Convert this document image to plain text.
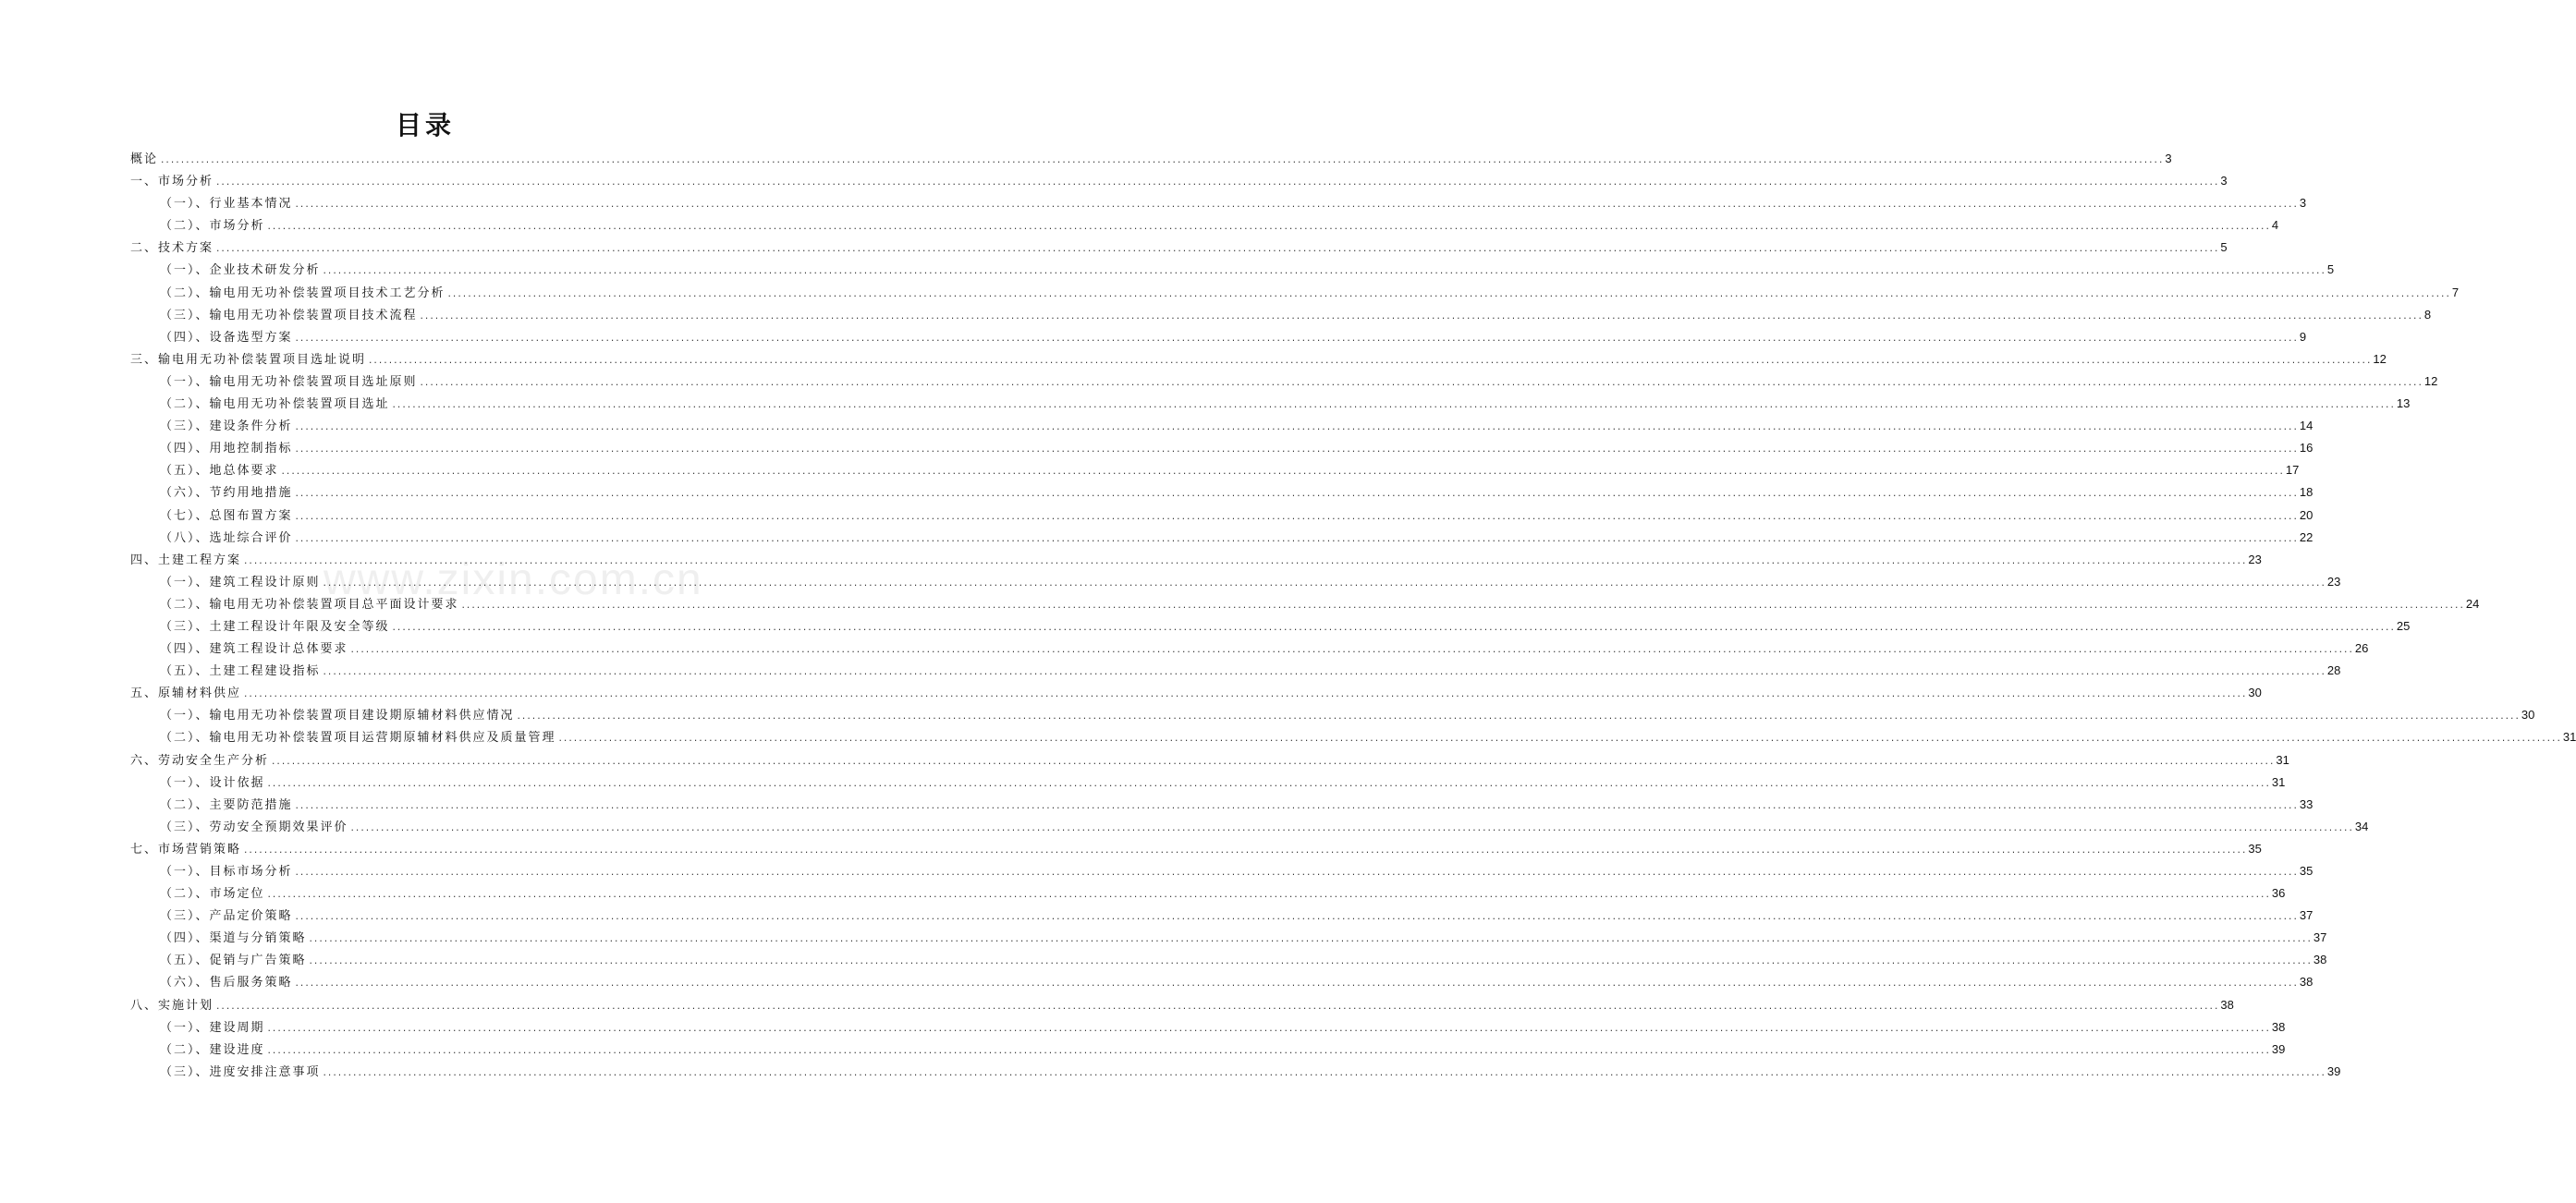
目录
www.zixin.com.cn
概论 ................................................................................................................................................................................................................................................................................................................................................................................................................ 3
一、市场分析 ................................................................................................................................................................................................................................................................................................................................................................................................................ 3
（一）、行业基本情况 ................................................................................................................................................................................................................................................................................................................................................................................................................ 3
（二）、市场分析 ................................................................................................................................................................................................................................................................................................................................................................................................................ 4
二、技术方案 ................................................................................................................................................................................................................................................................................................................................................................................................................ 5
（一）、企业技术研发分析 ................................................................................................................................................................................................................................................................................................................................................................................................................ 5
（二）、输电用无功补偿装置项目技术工艺分析 ................................................................................................................................................................................................................................................................................................................................................................................................................ 7
（三）、输电用无功补偿装置项目技术流程 ................................................................................................................................................................................................................................................................................................................................................................................................................ 8
（四）、设备选型方案 ................................................................................................................................................................................................................................................................................................................................................................................................................ 9
三、输电用无功补偿装置项目选址说明 ................................................................................................................................................................................................................................................................................................................................................................................................................ 12
（一）、输电用无功补偿装置项目选址原则 ................................................................................................................................................................................................................................................................................................................................................................................................................ 12
（二）、输电用无功补偿装置项目选址 ................................................................................................................................................................................................................................................................................................................................................................................................................ 13
（三）、建设条件分析 ................................................................................................................................................................................................................................................................................................................................................................................................................ 14
（四）、用地控制指标 ................................................................................................................................................................................................................................................................................................................................................................................................................ 16
（五）、地总体要求 ................................................................................................................................................................................................................................................................................................................................................................................................................ 17
（六）、节约用地措施 ................................................................................................................................................................................................................................................................................................................................................................................................................ 18
（七）、总图布置方案 ................................................................................................................................................................................................................................................................................................................................................................................................................ 20
（八）、选址综合评价 ................................................................................................................................................................................................................................................................................................................................................................................................................ 22
四、土建工程方案 ................................................................................................................................................................................................................................................................................................................................................................................................................ 23
（一）、建筑工程设计原则 ................................................................................................................................................................................................................................................................................................................................................................................................................ 23
（二）、输电用无功补偿装置项目总平面设计要求 ................................................................................................................................................................................................................................................................................................................................................................................................................ 24
（三）、土建工程设计年限及安全等级 ................................................................................................................................................................................................................................................................................................................................................................................................................ 25
（四）、建筑工程设计总体要求 ................................................................................................................................................................................................................................................................................................................................................................................................................ 26
（五）、土建工程建设指标 ................................................................................................................................................................................................................................................................................................................................................................................................................ 28
五、原辅材料供应 ................................................................................................................................................................................................................................................................................................................................................................................................................ 30
（一）、输电用无功补偿装置项目建设期原辅材料供应情况 ................................................................................................................................................................................................................................................................................................................................................................................................................ 30
（二）、输电用无功补偿装置项目运营期原辅材料供应及质量管理 ................................................................................................................................................................................................................................................................................................................................................................................................................ 31
六、劳动安全生产分析 ................................................................................................................................................................................................................................................................................................................................................................................................................ 31
（一）、设计依据 ................................................................................................................................................................................................................................................................................................................................................................................................................ 31
（二）、主要防范措施 ................................................................................................................................................................................................................................................................................................................................................................................................................ 33
（三）、劳动安全预期效果评价 ................................................................................................................................................................................................................................................................................................................................................................................................................ 34
七、市场营销策略 ................................................................................................................................................................................................................................................................................................................................................................................................................ 35
（一）、目标市场分析 ................................................................................................................................................................................................................................................................................................................................................................................................................ 35
（二）、市场定位 ................................................................................................................................................................................................................................................................................................................................................................................................................ 36
（三）、产品定价策略 ................................................................................................................................................................................................................................................................................................................................................................................................................ 37
（四）、渠道与分销策略 ................................................................................................................................................................................................................................................................................................................................................................................................................ 37
（五）、促销与广告策略 ................................................................................................................................................................................................................................................................................................................................................................................................................ 38
（六）、售后服务策略 ................................................................................................................................................................................................................................................................................................................................................................................................................ 38
八、实施计划 ................................................................................................................................................................................................................................................................................................................................................................................................................ 38
（一）、建设周期 ................................................................................................................................................................................................................................................................................................................................................................................................................ 38
（二）、建设进度 ................................................................................................................................................................................................................................................................................................................................................................................................................ 39
（三）、进度安排注意事项 ................................................................................................................................................................................................................................................................................................................................................................................................................ 39
